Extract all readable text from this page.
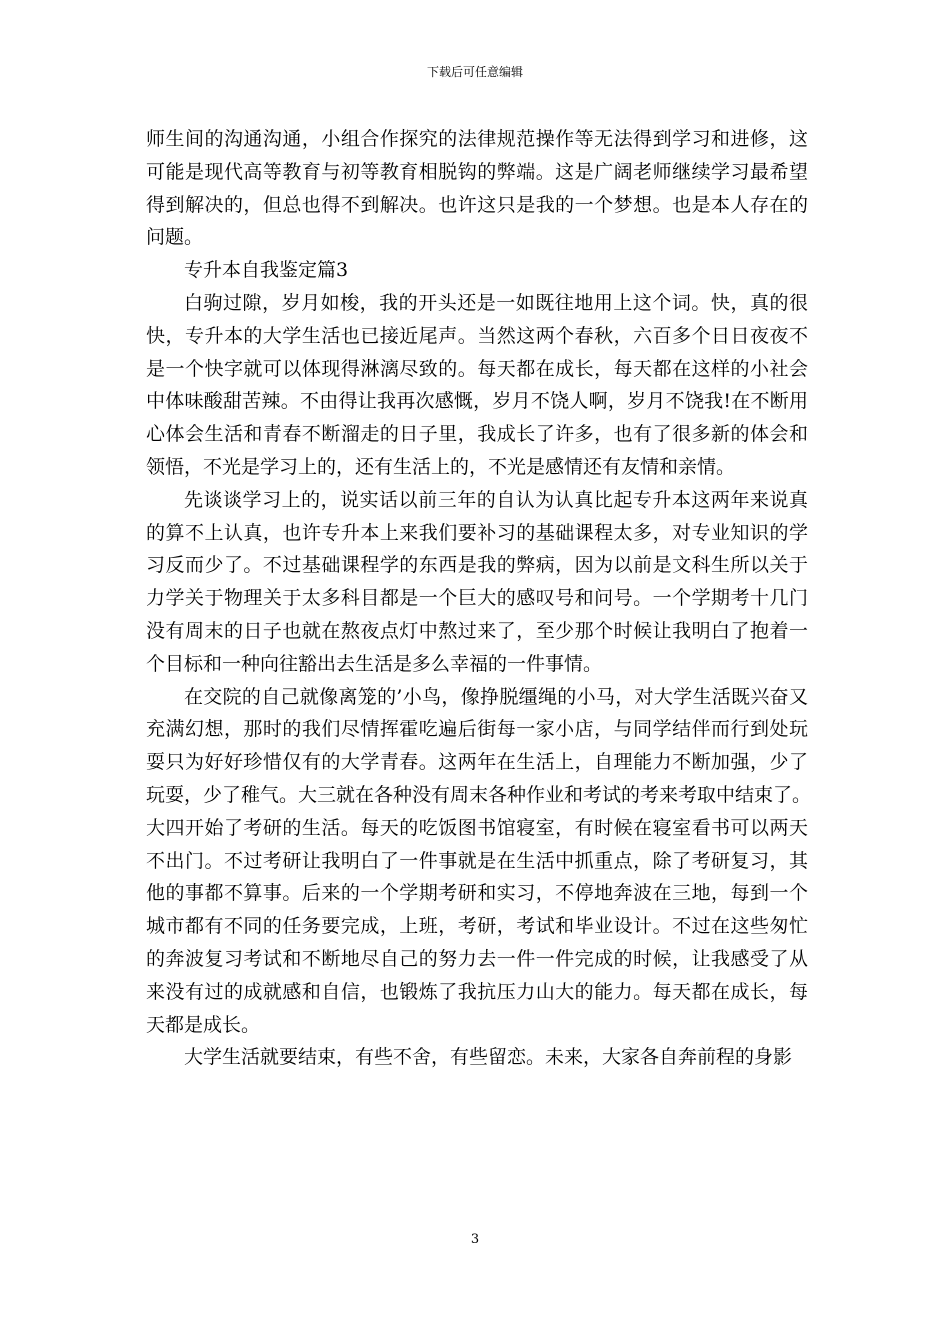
下载后可任意编辑
师生间的沟通沟通，小组合作探究的法律规范操作等无法得到学习和进修，这
可能是现代高等教育与初等教育相脱钩的弊端。这是广阔老师继续学习最希望
得到解决的，但总也得不到解决。也许这只是我的一个梦想。也是本人存在的
问题。
专升本自我鉴定篇3
白驹过隙，岁月如梭，我的开头还是一如既往地用上这个词。快，真的很
快，专升本的大学生活也已接近尾声。当然这两个春秋，六百多个日日夜夜不
是一个快字就可以体现得淋漓尽致的。每天都在成长，每天都在这样的小社会
中体味酸甜苦辣。不由得让我再次感慨，岁月不饶人啊，岁月不饶我!在不断用
心体会生活和青春不断溜走的日子里，我成长了许多，也有了很多新的体会和
领悟，不光是学习上的，还有生活上的，不光是感情还有友情和亲情。
先谈谈学习上的，说实话以前三年的自认为认真比起专升本这两年来说真
的算不上认真，也许专升本上来我们要补习的基础课程太多，对专业知识的学
习反而少了。不过基础课程学的东西是我的弊病，因为以前是文科生所以关于
力学关于物理关于太多科目都是一个巨大的感叹号和问号。一个学期考十几门
没有周末的日子也就在熬夜点灯中熬过来了，至少那个时候让我明白了抱着一
个目标和一种向往豁出去生活是多么幸福的一件事情。
在交院的自己就像离笼的’小鸟，像挣脱缰绳的小马，对大学生活既兴奋又
充满幻想，那时的我们尽情挥霍吃遍后街每一家小店，与同学结伴而行到处玩
耍只为好好珍惜仅有的大学青春。这两年在生活上，自理能力不断加强，少了
玩耍，少了稚气。大三就在各种没有周末各种作业和考试的考来考取中结束了。
大四开始了考研的生活。每天的吃饭图书馆寝室，有时候在寝室看书可以两天
不出门。不过考研让我明白了一件事就是在生活中抓重点，除了考研复习，其
他的事都不算事。后来的一个学期考研和实习，不停地奔波在三地，每到一个
城市都有不同的任务要完成，上班，考研，考试和毕业设计。不过在这些匆忙
的奔波复习考试和不断地尽自己的努力去一件一件完成的时候，让我感受了从
来没有过的成就感和自信，也锻炼了我抗压力山大的能力。每天都在成长，每
天都是成长。
大学生活就要结束，有些不舍，有些留恋。未来，大家各自奔前程的身影
3
